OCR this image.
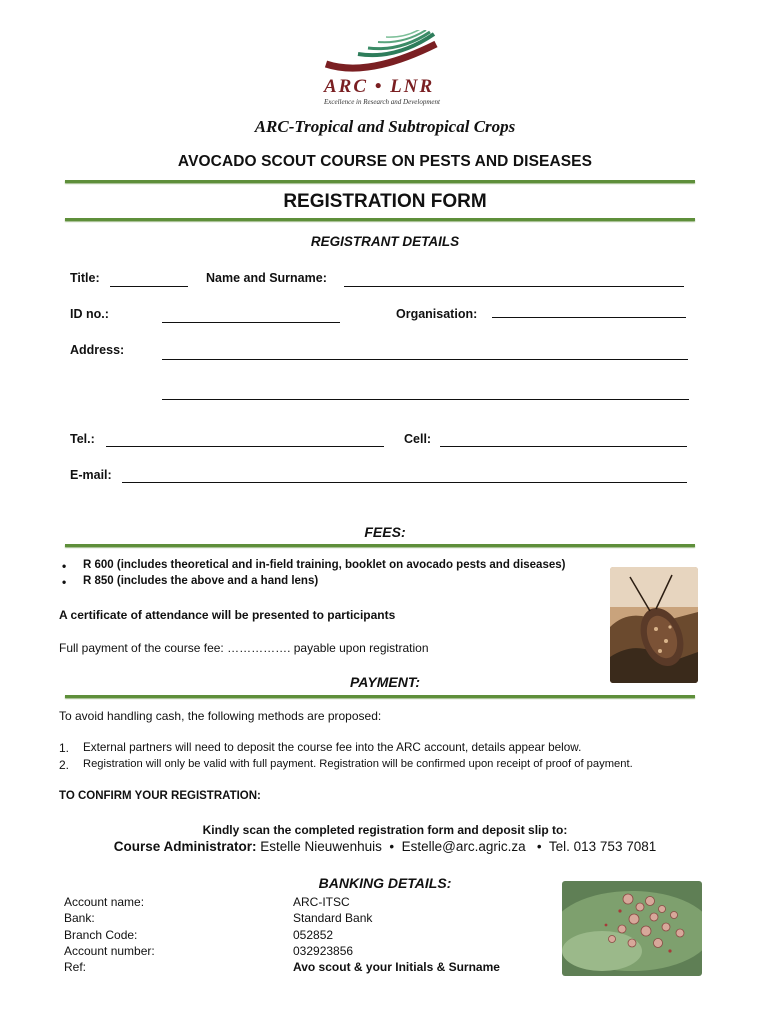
ARC • LNR
Excellence in Research and Development
ARC-Tropical and Subtropical Crops
AVOCADO SCOUT COURSE ON PESTS AND DISEASES
REGISTRATION FORM
REGISTRANT DETAILS
Title:	Name and Surname:
ID no.:	Organisation:
Address:
Tel.:	Cell:
E-mail:
FEES:
• R 600 (includes theoretical and in-field training, booklet on avocado pests and diseases)
• R 850 (includes the above and a hand lens)
A certificate of attendance will be presented to participants
Full payment of the course fee: ……………. payable upon registration
PAYMENT:
To avoid handling cash, the following methods are proposed:
1. External partners will need to deposit the course fee into the ARC account, details appear below.
2. Registration will only be valid with full payment. Registration will be confirmed upon receipt of proof of payment.
TO CONFIRM YOUR REGISTRATION:
Kindly scan the completed registration form and deposit slip to:
Course Administrator: Estelle Nieuwenhuis  •  Estelle@arc.agric.za   •  Tel. 013 753 7081
BANKING DETAILS:
Account name:	ARC-ITSC
Bank:	Standard Bank
Branch Code:	052852
Account number:	032923856
Ref:	Avo scout & your Initials & Surname
